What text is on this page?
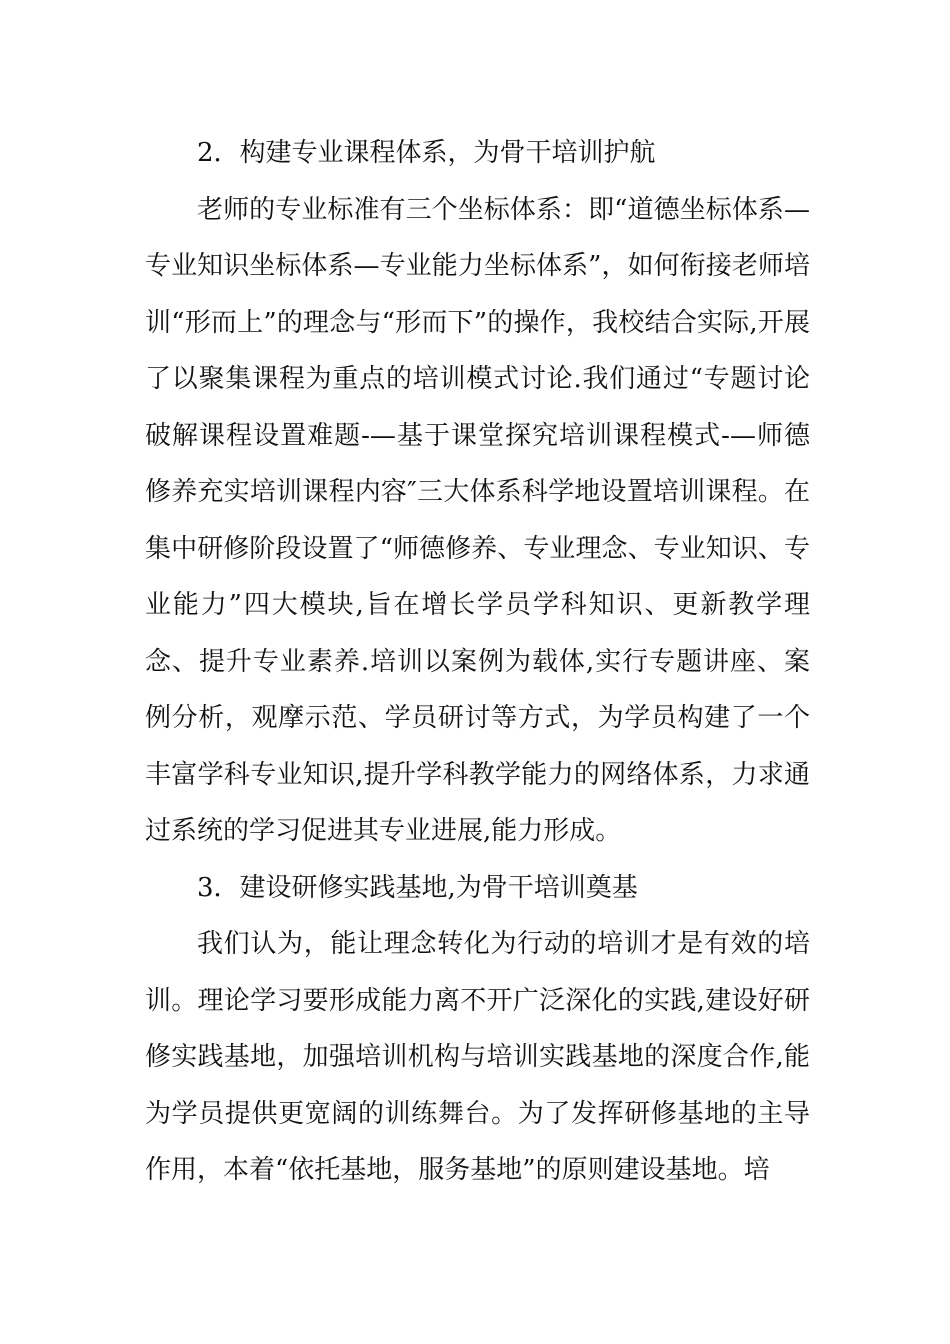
2．构建专业课程体系，为骨干培训护航

老师的专业标准有三个坐标体系：即“道德坐标体系—专业知识坐标体系—专业能力坐标体系”，如何衔接老师培训“形而上”的理念与“形而下”的操作，我校结合实际,开展了以聚集课程为重点的培训模式讨论.我们通过“专题讨论破解课程设置难题-—基于课堂探究培训课程模式-—师德修养充实培训课程内容″三大体系科学地设置培训课程。在集中研修阶段设置了“师德修养、专业理念、专业知识、专业能力”四大模块,旨在增长学员学科知识、更新教学理念、提升专业素养.培训以案例为载体,实行专题讲座、案例分析，观摩示范、学员研讨等方式，为学员构建了一个丰富学科专业知识,提升学科教学能力的网络体系，力求通过系统的学习促进其专业进展,能力形成。

3．建设研修实践基地,为骨干培训奠基

我们认为，能让理念转化为行动的培训才是有效的培训。理论学习要形成能力离不开广泛深化的实践,建设好研修实践基地，加强培训机构与培训实践基地的深度合作,能为学员提供更宽阔的训练舞台。为了发挥研修基地的主导作用，本着“依托基地，服务基地”的原则建设基地。培
